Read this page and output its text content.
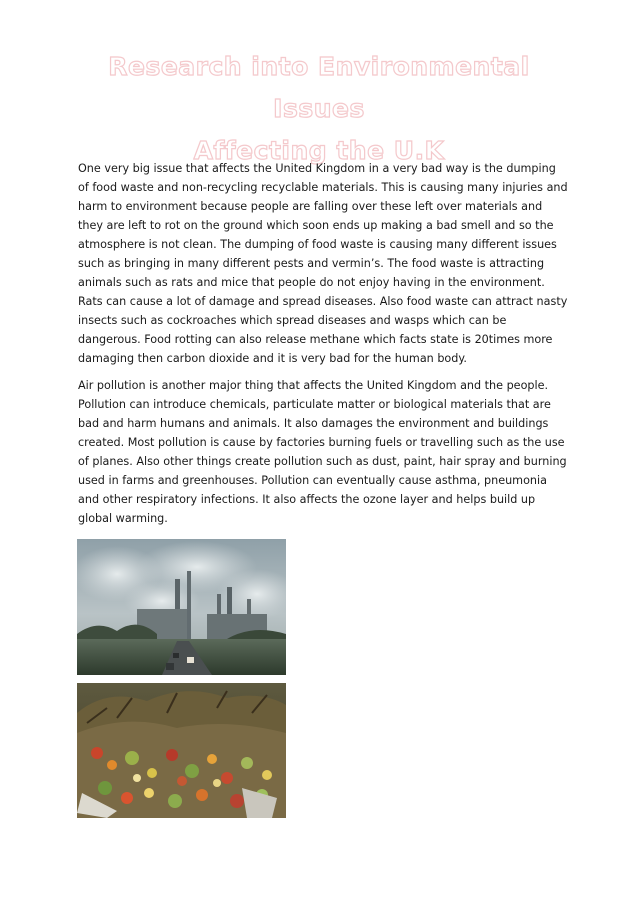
Research into Environmental Issues
Affecting the U.K

One very big issue that affects the United Kingdom in a very bad way is the dumping of food waste and non-recycling recyclable materials. This is causing many injuries and harm to environment because people are falling over these left over materials and they are left to rot on the ground which soon ends up making a bad smell and so the atmosphere is not clean. The dumping of food waste is causing many different issues such as bringing in many different pests and vermin’s. The food waste is attracting animals such as rats and mice that people do not enjoy having in the environment. Rats can cause a lot of damage and spread diseases. Also food waste can attract nasty insects such as cockroaches which spread diseases and wasps which can be dangerous. Food rotting can also release methane which facts state is 20times more damaging then carbon dioxide and it is very bad for the human body.

Air pollution is another major thing that affects the United Kingdom and the people. Pollution can introduce chemicals, particulate matter or biological materials that are bad and harm humans and animals. It also damages the environment and buildings created. Most pollution is cause by factories burning fuels or travelling such as the use of planes. Also other things create pollution such as dust, paint, hair spray and burning used in farms and greenhouses. Pollution can eventually cause asthma, pneumonia and other respiratory infections. It also affects the ozone layer and helps build up global warming.
